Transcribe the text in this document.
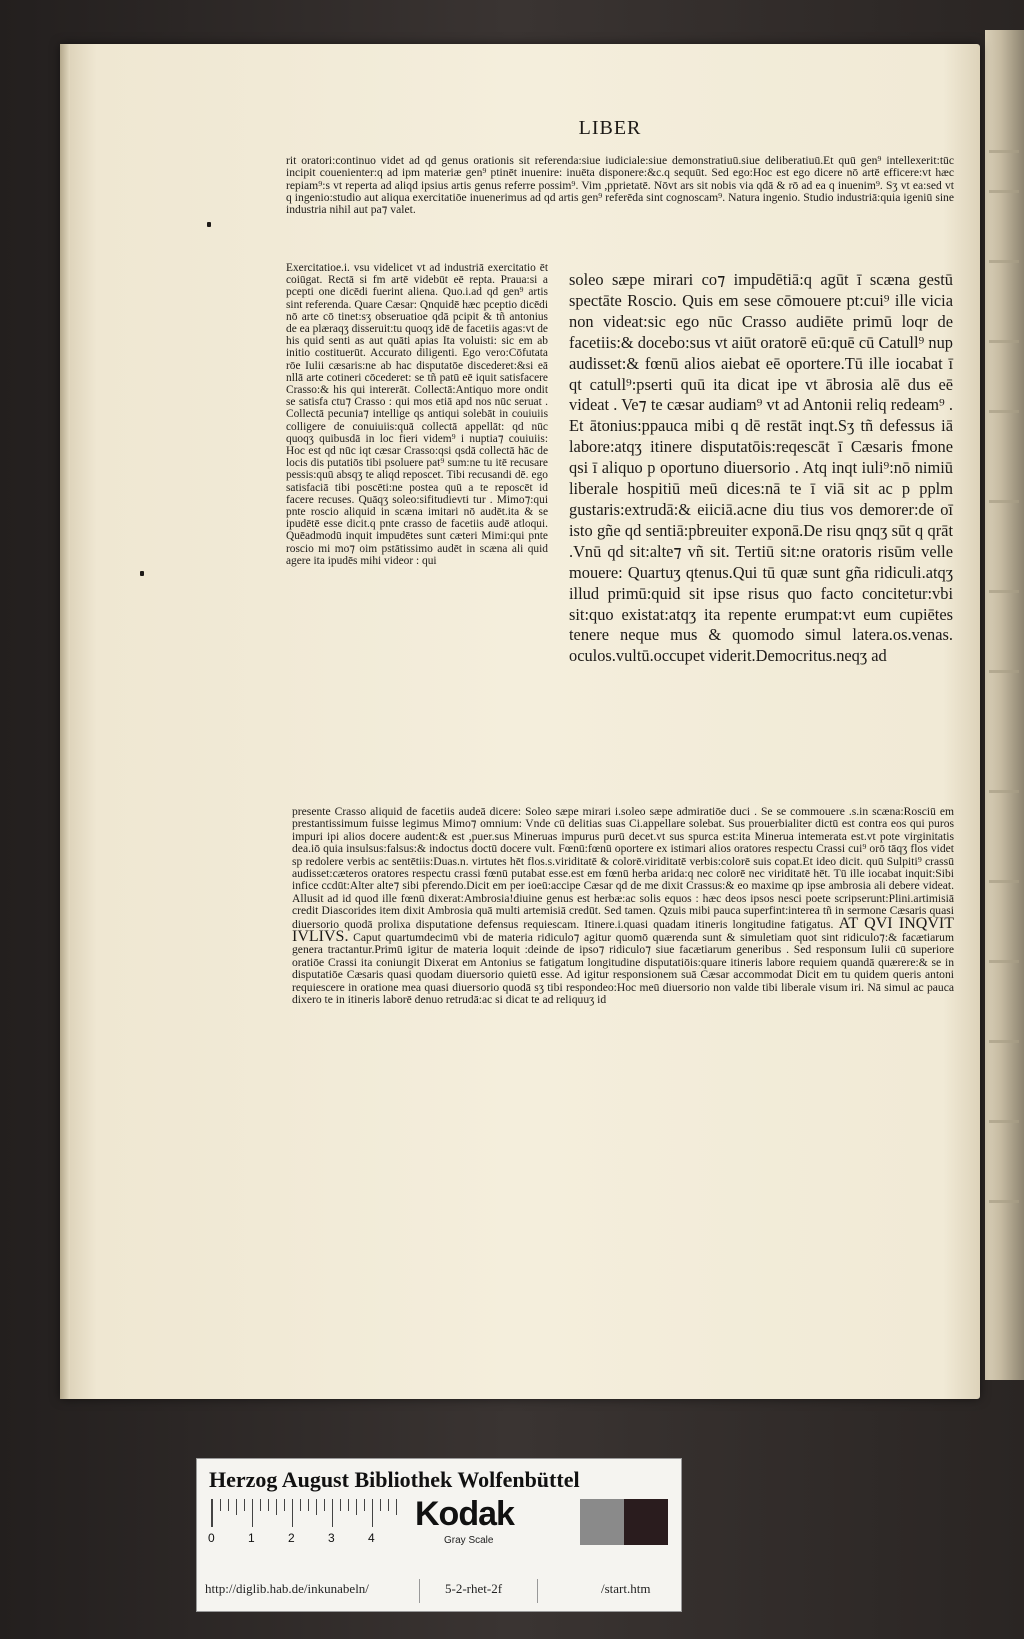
LIBER
rit oratori:continuo videt ad qd genus orationis sit referenda:siue iudiciale:siue demonstratiuū.siue deliberatiuū.Et quū gen⁹ intellexerit:tūc incipit couenienter:q ad ipm materiæ gen⁹ ptinēt inuenire: inuēta disponere:&c.q sequūt. Sed ego:Hoc est ego dicere nō artē efficere:vt hæc repiam⁹:s vt reperta ad aliqd ipsius artis genus referre possim⁹. Vim ,pprietatē. Nōvt ars sit nobis via qdā & rō ad ea q inuenim⁹. Sʒ vt ea:sed vt q ingenio:studio aut aliqua exercitatiōe inuenerimus ad qd artis gen⁹ referēda sint cognoscam⁹. Natura ingenio. Studio industriā:quia igeniū sine industria nihil aut pa⁊ valet.
Exercitatioe.i. vsu videlicet vt ad industriā exercitatio ēt coiūgat. Rectā si fm artē videbūt eē repta. Praua:si a pcepti one dicēdi fuerint aliena. Quo.i.ad qd gen⁹ artis sint referenda. Quare Cæsar: Qnquidē hæc pceptio dicēdi nō arte cō tinet:sʒ obseruatioe qdā pcipit & tñ antonius de ea plæraqʒ disseruit:tu quoqʒ idē de facetiis agas:vt de his quid senti as aut quāti apias Ita voluisti: sic em ab initio costituerūt. Accurato diligenti. Ego vero:Cōfutata rōe Iulii cæsaris:ne ab hac disputatōe discederet:&si eā nllā arte cotineri cōcederet: se tñ patū eē iquit satisfacere Crasso:& his qui intererāt. Collectā:Antiquo more ondit se satisfa ctu⁊ Crasso : qui mos etiā apd nos nūc seruat . Collectā pecunia⁊ intellige qs antiqui solebāt in couiuiis colligere de conuiuiis:quā collectā appellāt: qd nūc quoqʒ quibusdā in loc fieri videm⁹ i nuptia⁊ couiuiis: Hoc est qd nūc iqt cæsar Crasso:qsi qsdā collectā hāc de locis dis putatiōs tibi psoluere pat⁹ sum:ne tu itē recusare pessis:quū absqʒ te aliqd reposcet. Tibi recusandi dē. ego satisfaciā tibi poscēti:ne postea quū a te reposcēt id facere recuses. Quāqʒ soleo:sifitudievti tur . Mimo⁊:qui pnte roscio aliquid in scæna imitari nō audēt.ita & se ipudētē esse dicit.q pnte crasso de facetiis audē atloqui. Quēadmodū inquit impudētes sunt cæteri Mimi:qui pnte roscio mi mo⁊ oim pstātissimo audēt in scæna ali quid agere ita ipudēs mihi videor : qui
soleo sæpe mirari co⁊ impudētiā:q agūt ī scæna gestū spectāte Roscio. Quis em sese cōmouere pt:cui⁹ ille vicia non videat:sic ego nūc Crasso audiēte primū loqr de facetiis:& docebo:sus vt aiūt oratorē eū:quē cū Catull⁹ nup audisset:& fœnū alios aiebat eē oportere.Tū ille iocabat ī qt catull⁹:pserti quū ita dicat ipe vt ābrosia alē dus eē videat . Ve⁊ te cæsar audiam⁹ vt ad Antonii reliq redeam⁹ . Et ātonius:ppauca mibi q dē restāt inqt.Sʒ tñ defessus iā labore:atqʒ itinere disputatōis:reqescāt ī Cæsaris fmone qsi ī aliquo p oportuno diuersorio . Atq inqt iuli⁹:nō nimiū liberale hospitiū meū dices:nā te ī viā sit ac p pplm gustaris:extrudā:& eiiciā.acne diu tius vos demorer:de oī isto gñe qd sentiā:pbreuiter exponā.De risu qnqʒ sūt q qrāt .Vnū qd sit:alte⁊ vñ sit. Tertiū sit:ne oratoris risūm velle mouere: Quartuʒ qtenus.Qui tū quæ sunt gña ridiculi.atqʒ illud primū:quid sit ipse risus quo facto concitetur:vbi sit:quo existat:atqʒ ita repente erumpat:vt eum cupiētes tenere neque mus & quomodo simul latera.os.venas. oculos.vultū.occupet viderit.Democritus.neqʒ ad
presente Crasso aliquid de facetiis audeā dicere: Soleo sæpe mirari i.soleo sæpe admiratiōe duci . Se se commouere .s.in scæna:Rosciū em prestantissimum fuisse legimus Mimo⁊ omnium: Vnde cū delitias suas Ci.appellare solebat. Sus prouerbialiter dictū est contra eos qui puros impuri ipi alios docere audent:& est ,puer.sus Mineruas impurus purū decet.vt sus spurca est:ita Minerua intemerata est.vt pote virginitatis dea.iō quia insulsus:falsus:& indoctus doctū docere vult. Fœnū:fœnū oportere ex istimari alios oratores respectu Crassi cui⁹ orō tāqʒ flos videt sp redolere verbis ac sentētiis:Duas.n. virtutes hēt flos.s.viriditatē & colorē.viriditatē verbis:colorē suis copat.Et ideo dicit. quū Sulpiti⁹ crassū audisset:cæteros oratores respectu crassi fœnū putabat esse.est em fœnū herba arida:q nec colorē nec viriditatē hēt. Tū ille iocabat inquit:Sibi infice ccdūt:Alter alte⁊ sibi pferendo.Dicit em per ioeū:accipe Cæsar qd de me dixit Crassus:& eo maxime qp ipse ambrosia ali debere videat. Allusit ad id quod ille fœnū dixerat:Ambrosia!diuine genus est herbæ:ac solis equos : hæc deos ipsos nesci poete scripserunt:Plini.artimisiā credit Diascorides item dixit Ambrosia quā multi artemisiā credūt. Sed tamen. Qzuis mibi pauca superfint:interea tñ in sermone Cæsaris quasi diuersorio quodā prolixa disputatione defensus requiescam. Itinere.i.quasi quadam itineris longitudine fatigatus. AT QVI INQVIT IVLIVS. Caput quartumdecimū vbi de materia ridiculo⁊ agitur quomō quærenda sunt & simuletiam quot sint ridiculo⁊:& facætiarum genera tractantur.Primū igitur de materia loquit :deinde de ipso⁊ ridiculo⁊ siue facætiarum generibus . Sed responsum Iulii cū superiore oratiōe Crassi ita coniungit Dixerat em Antonius se fatigatum longitudine disputatiōis:quare itineris labore requiem quandā quærere:& se in disputatiōe Cæsaris quasi quodam diuersorio quietū esse. Ad igitur responsionem suā Cæsar accommodat Dicit em tu quidem queris antoni requiescere in oratione mea quasi diuersorio quodā sʒ tibi respondeo:Hoc meū diuersorio non valde tibi liberale visum iri. Nā simul ac pauca dixero te in itineris laborē denuo retrudā:ac si dicat te ad reliquuʒ id
Herzog August Bibliothek Wolfenbüttel
0	1	2	3	4
Kodak
Gray Scale
http://diglib.hab.de/inkunabeln/	5-2-rhet-2f	/start.htm
